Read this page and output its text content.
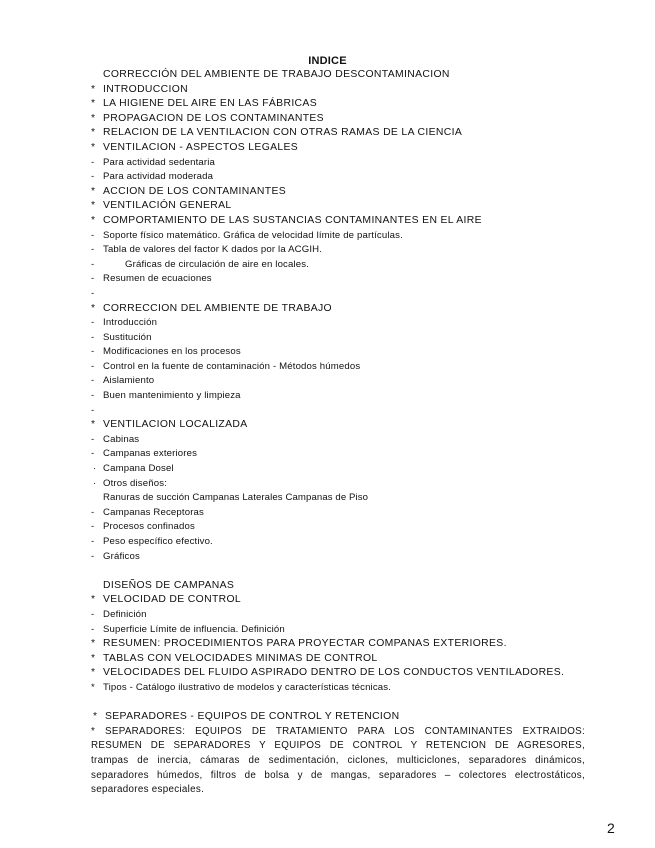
INDICE
CORRECCIÓN DEL AMBIENTE DE TRABAJO DESCONTAMINACION
* INTRODUCCION
* LA HIGIENE DEL AIRE EN LAS FÁBRICAS
* PROPAGACION DE LOS CONTAMINANTES
* RELACION DE LA VENTILACION CON OTRAS RAMAS DE LA CIENCIA
* VENTILACION - ASPECTOS LEGALES
- Para actividad sedentaria
- Para actividad moderada
* ACCION DE LOS CONTAMINANTES
* VENTILACIÓN GENERAL
* COMPORTAMIENTO DE LAS SUSTANCIAS CONTAMINANTES EN EL AIRE
- Soporte físico matemático. Gráfica de velocidad límite de partículas.
- Tabla de valores del factor K dados por la ACGIH.
-	Gráficas de circulación de aire en locales.
- Resumen de ecuaciones
-
* CORRECCION DEL AMBIENTE DE TRABAJO
- Introducción
- Sustitución
- Modificaciones en los procesos
- Control en la fuente de contaminación - Métodos húmedos
- Aislamiento
- Buen mantenimiento y limpieza
-
* VENTILACION LOCALIZADA
- Cabinas
- Campanas exteriores
· Campana Dosel
· Otros diseños:
Ranuras de succión Campanas Laterales Campanas de Piso
- Campanas Receptoras
- Procesos confinados
- Peso específico efectivo.
- Gráficos
DISEÑOS DE CAMPANAS
* VELOCIDAD DE CONTROL
- Definición
- Superficie Límite de influencia. Definición
* RESUMEN: PROCEDIMIENTOS PARA PROYECTAR COMPANAS EXTERIORES.
* TABLAS CON VELOCIDADES MINIMAS DE CONTROL
* VELOCIDADES DEL FLUIDO ASPIRADO DENTRO DE LOS CONDUCTOS VENTILADORES.
* Tipos - Catálogo ilustrativo de modelos y características técnicas.
* SEPARADORES - EQUIPOS DE CONTROL Y RETENCION
* SEPARADORES: EQUIPOS DE TRATAMIENTO PARA LOS CONTAMINANTES EXTRAIDOS:
RESUMEN DE SEPARADORES Y EQUIPOS DE CONTROL Y RETENCION DE AGRESORES,
trampas de inercia, cámaras de sedimentación, ciclones, multiciclones, separadores dinámicos,
separadores húmedos, filtros de bolsa y de mangas, separadores – colectores electrostáticos,
separadores especiales.
2
